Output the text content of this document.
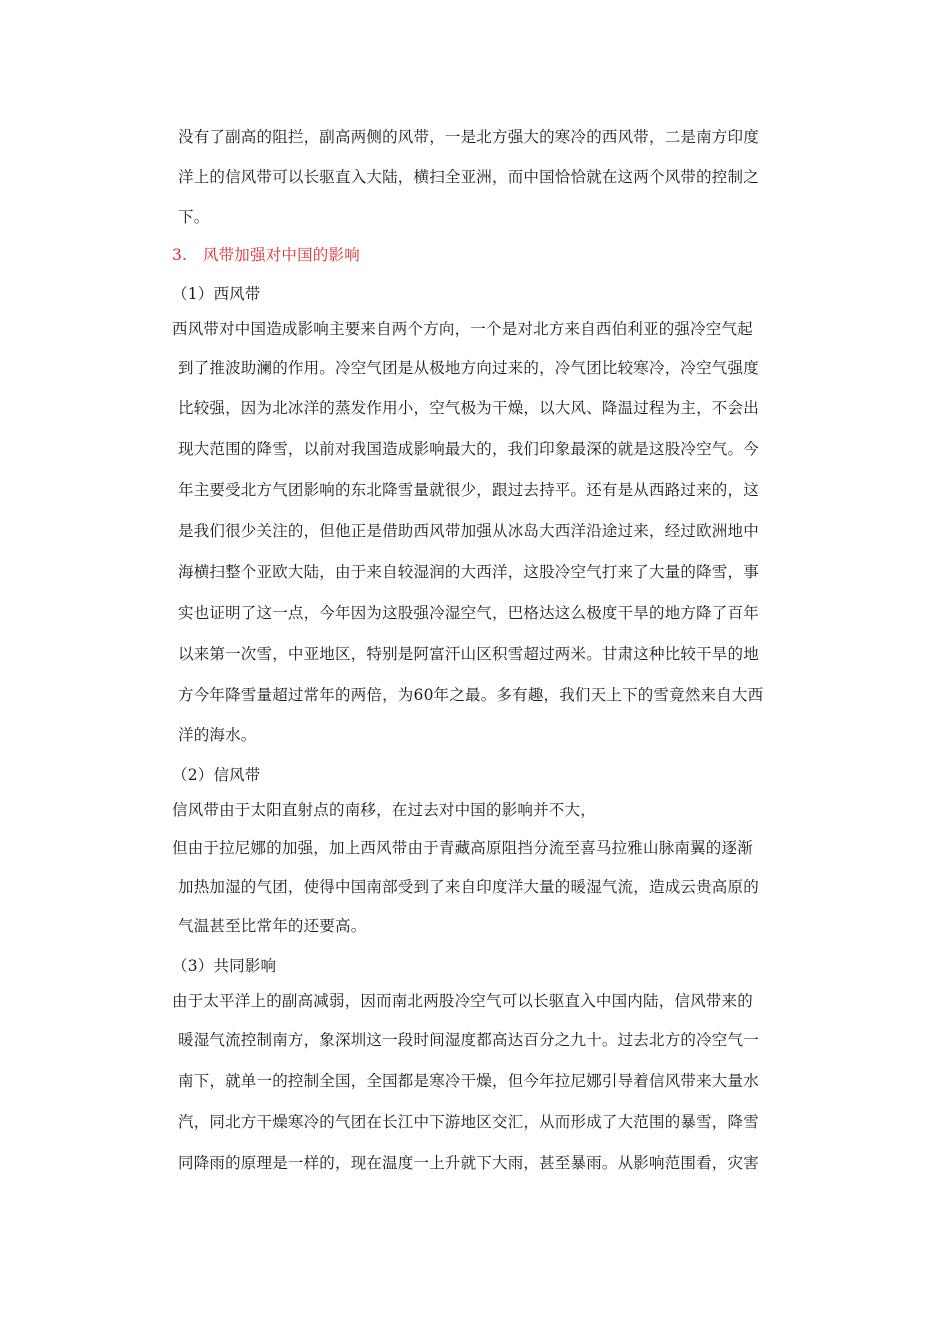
没有了副高的阻拦，副高两侧的风带，一是北方强大的寒冷的西风带，二是南方印度
洋上的信风带可以长驱直入大陆，横扫全亚洲，而中国恰恰就在这两个风带的控制之
下。
3.　风带加强对中国的影响
（1）西风带
西风带对中国造成影响主要来自两个方向，一个是对北方来自西伯利亚的强冷空气起
到了推波助澜的作用。冷空气团是从极地方向过来的，冷气团比较寒冷，冷空气强度
比较强，因为北冰洋的蒸发作用小，空气极为干燥，以大风、降温过程为主，不会出
现大范围的降雪，以前对我国造成影响最大的，我们印象最深的就是这股冷空气。今
年主要受北方气团影响的东北降雪量就很少，跟过去持平。还有是从西路过来的，这
是我们很少关注的，但他正是借助西风带加强从冰岛大西洋沿途过来，经过欧洲地中
海横扫整个亚欧大陆，由于来自较湿润的大西洋，这股冷空气打来了大量的降雪，事
实也证明了这一点，今年因为这股强冷湿空气，巴格达这么极度干旱的地方降了百年
以来第一次雪，中亚地区，特别是阿富汗山区积雪超过两米。甘肃这种比较干旱的地
方今年降雪量超过常年的两倍，为60年之最。多有趣，我们天上下的雪竟然来自大西
洋的海水。
（2）信风带
信风带由于太阳直射点的南移，在过去对中国的影响并不大，
但由于拉尼娜的加强，加上西风带由于青藏高原阻挡分流至喜马拉雅山脉南翼的逐渐
加热加湿的气团，使得中国南部受到了来自印度洋大量的暖湿气流，造成云贵高原的
气温甚至比常年的还要高。
（3）共同影响
由于太平洋上的副高减弱，因而南北两股冷空气可以长驱直入中国内陆，信风带来的
暖湿气流控制南方，象深圳这一段时间湿度都高达百分之九十。过去北方的冷空气一
南下，就单一的控制全国，全国都是寒冷干燥，但今年拉尼娜引导着信风带来大量水
汽，同北方干燥寒冷的气团在长江中下游地区交汇，从而形成了大范围的暴雪，降雪
同降雨的原理是一样的，现在温度一上升就下大雨，甚至暴雨。从影响范围看，灾害
